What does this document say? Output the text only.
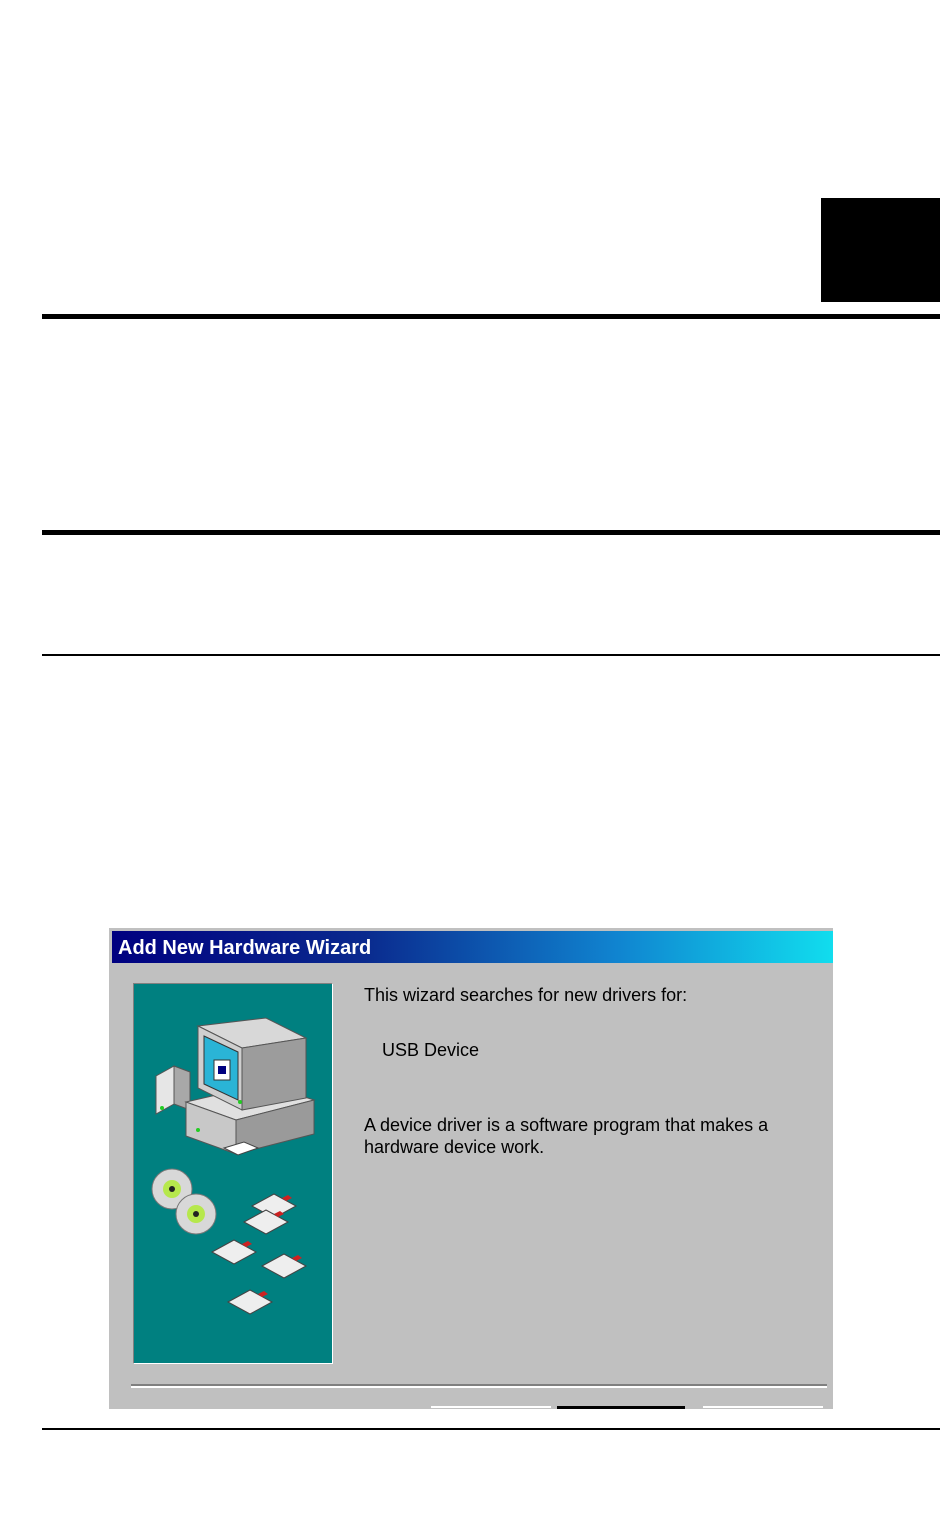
Add New Hardware Wizard
This wizard searches for new drivers for:
USB Device
A device driver is a software program that makes a hardware device work.
